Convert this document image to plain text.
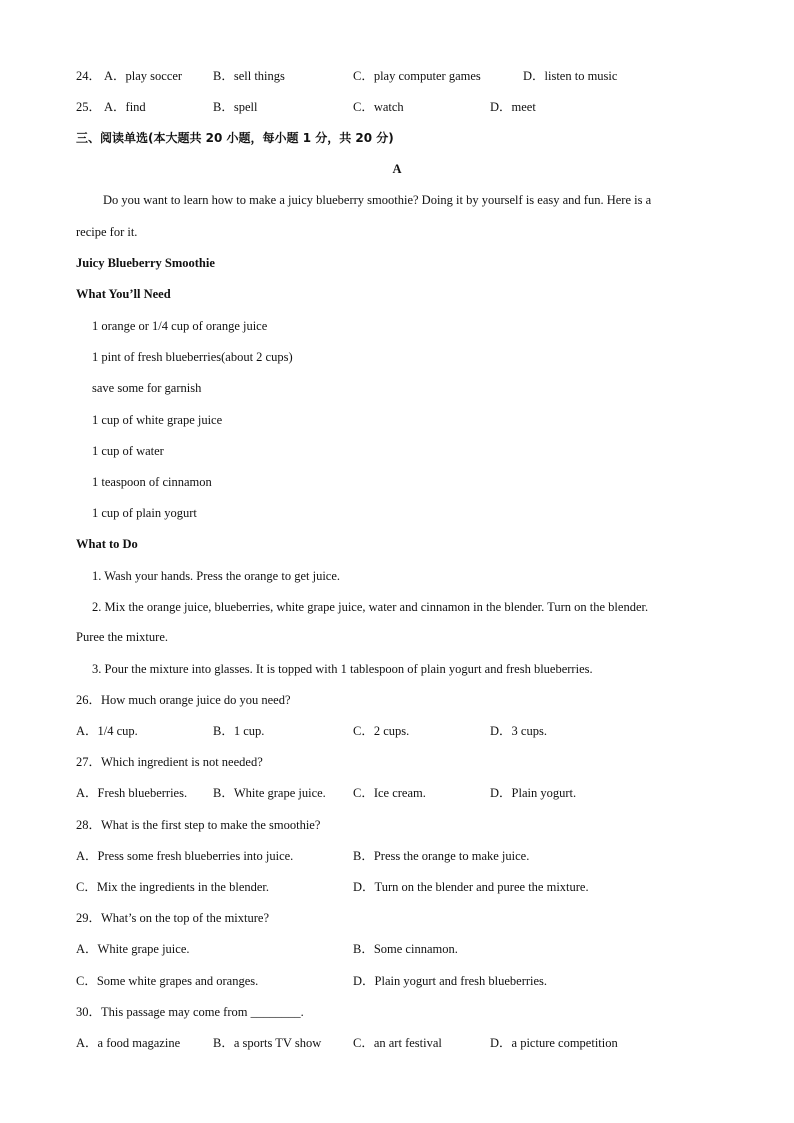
24． A．play soccer B．sell things	C．play computer games	D．listen to music
25． A．find	B．spell	C．watch	D．meet
三、阅读单选(本大题共 20 小题，每小题 1 分，共 20 分)
A
Do you want to learn how to make a juicy blueberry smoothie? Doing it by yourself is easy and fun. Here is a
recipe for it.
Juicy Blueberry Smoothie
What You’ll Need
1 orange or 1/4 cup of orange juice
1 pint of fresh blueberries(about 2 cups)
save some for garnish
1 cup of white grape juice
1 cup of water
1 teaspoon of cinnamon
1 cup of plain yogurt
What to Do
1. Wash your hands. Press the orange to get juice.
2. Mix the orange juice, blueberries, white grape juice, water and cinnamon in the blender. Turn on the blender.
Puree the mixture.
3. Pour the mixture into glasses. It is topped with 1 tablespoon of plain yogurt and fresh blueberries.
26．How much orange juice do you need?
A．1/4 cup.	B．1 cup.	C．2 cups.	D．3 cups.
27．Which ingredient is not needed?
A．Fresh blueberries. B．White grape juice. C．Ice cream.	D．Plain yogurt.
28．What is the first step to make the smoothie?
A．Press some fresh blueberries into juice.	B．Press the orange to make juice.
C．Mix the ingredients in the blender.	D．Turn on the blender and puree the mixture.
29．What’s on the top of the mixture?
A．White grape juice.	B．Some cinnamon.
C．Some white grapes and oranges.	D．Plain yogurt and fresh blueberries.
30．This passage may come from ________.
A．a food magazine	B．a sports TV show	C．an art festival	D．a picture competition
